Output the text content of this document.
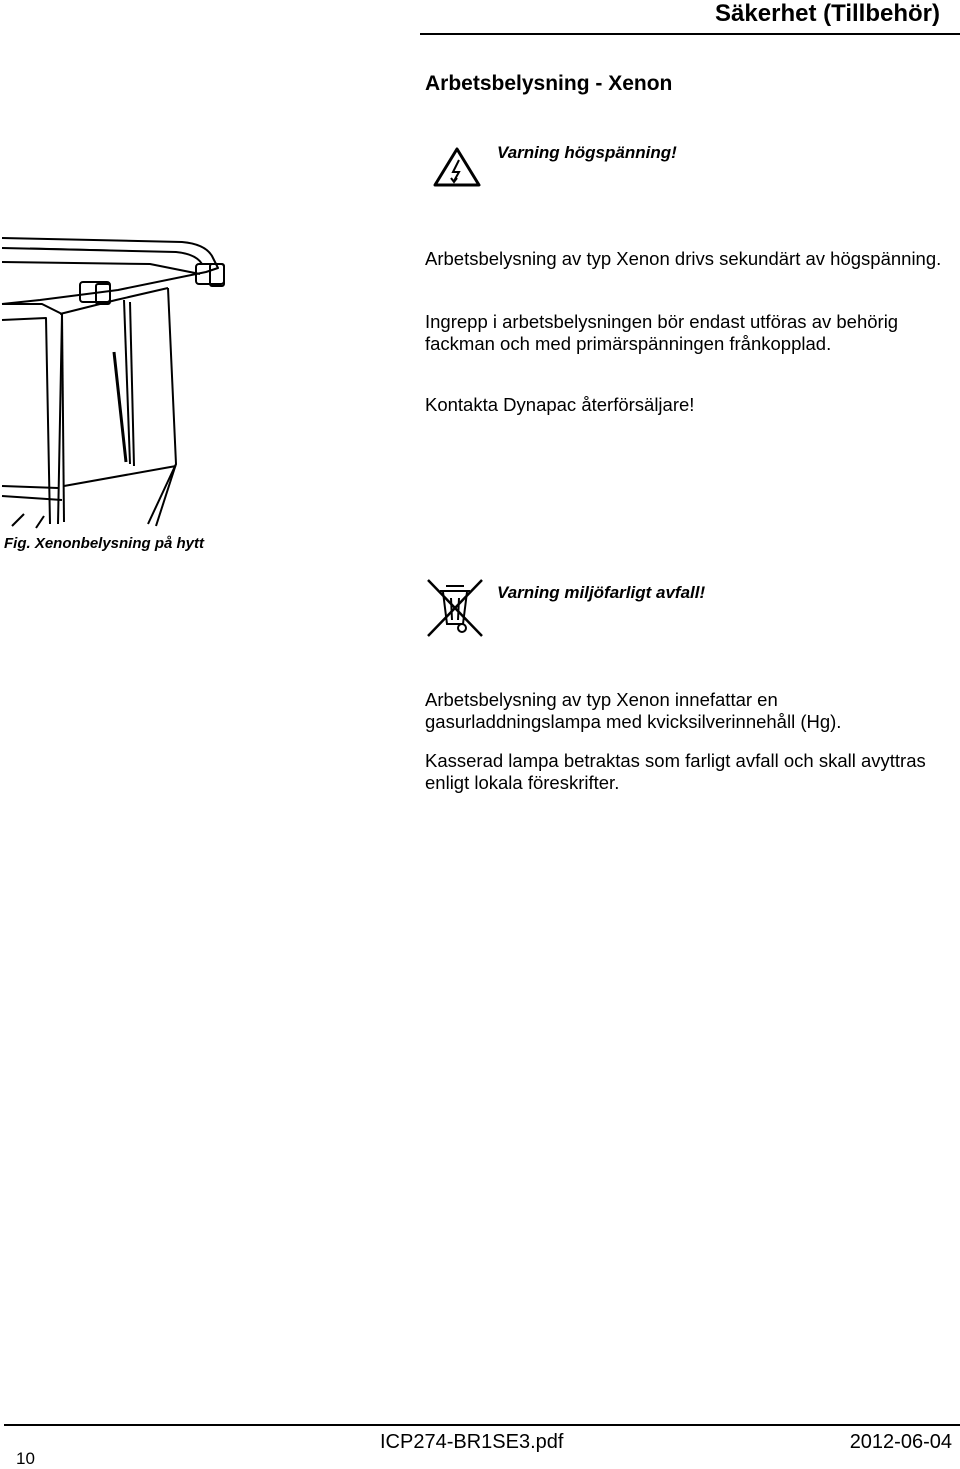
Säkerhet (Tillbehör)
Arbetsbelysning - Xenon
Varning högspänning!
Fig. Xenonbelysning på hytt

Arbetsbelysning av typ Xenon drivs sekundärt av högspänning.

Ingrepp i arbetsbelysningen bör endast utföras av behörig fackman och med primärspänningen frånkopplad.

Kontakta Dynapac återförsäljare!

Varning miljöfarligt avfall!

Arbetsbelysning av typ Xenon innefattar en gasurladdningslampa med kvicksilverinnehåll (Hg).

Kasserad lampa betraktas som farligt avfall och skall avyttras enligt lokala föreskrifter.

10
ICP274-BR1SE3.pdf	2012-06-04
